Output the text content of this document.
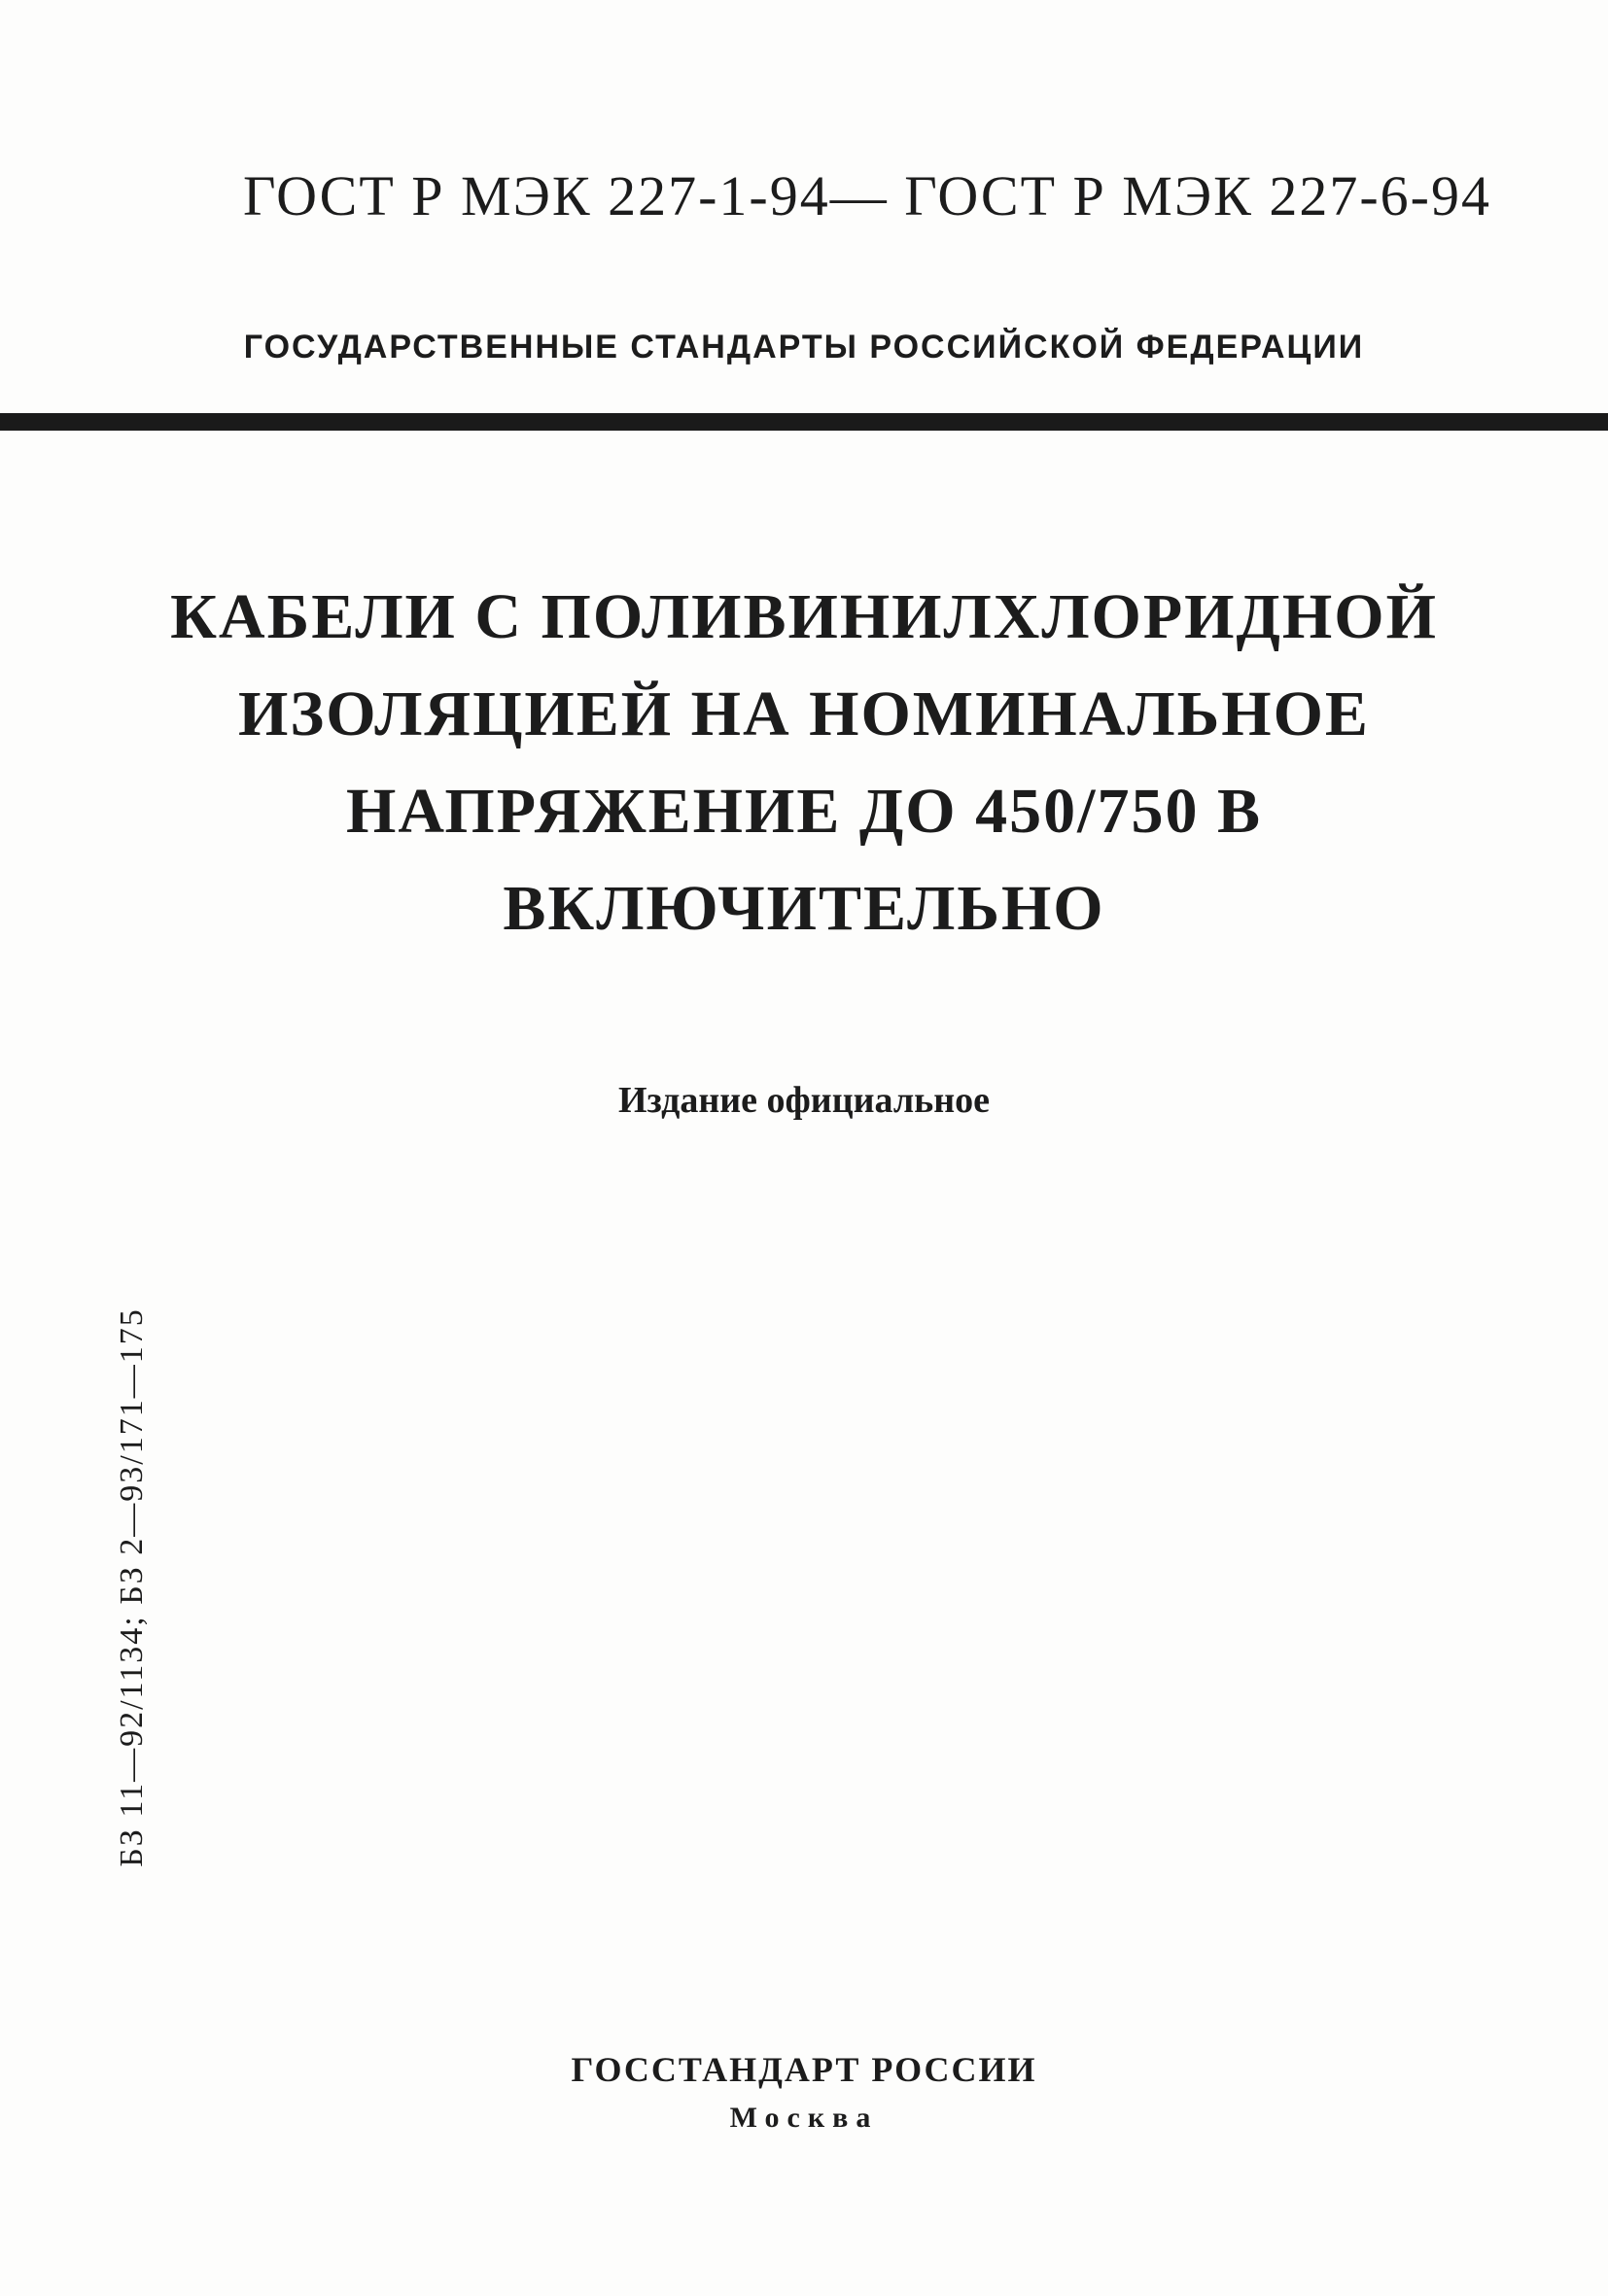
ГОСТ Р МЭК 227-1-94— ГОСТ Р МЭК 227-6-94
ГОСУДАРСТВЕННЫЕ СТАНДАРТЫ РОССИЙСКОЙ ФЕДЕРАЦИИ
КАБЕЛИ С ПОЛИВИНИЛХЛОРИДНОЙ
ИЗОЛЯЦИЕЙ НА НОМИНАЛЬНОЕ
НАПРЯЖЕНИЕ ДО 450/750 В
ВКЛЮЧИТЕЛЬНО
Издание официальное
БЗ 11—92/1134; БЗ 2—93/171—175
ГОССТАНДАРТ РОССИИ
Москва
